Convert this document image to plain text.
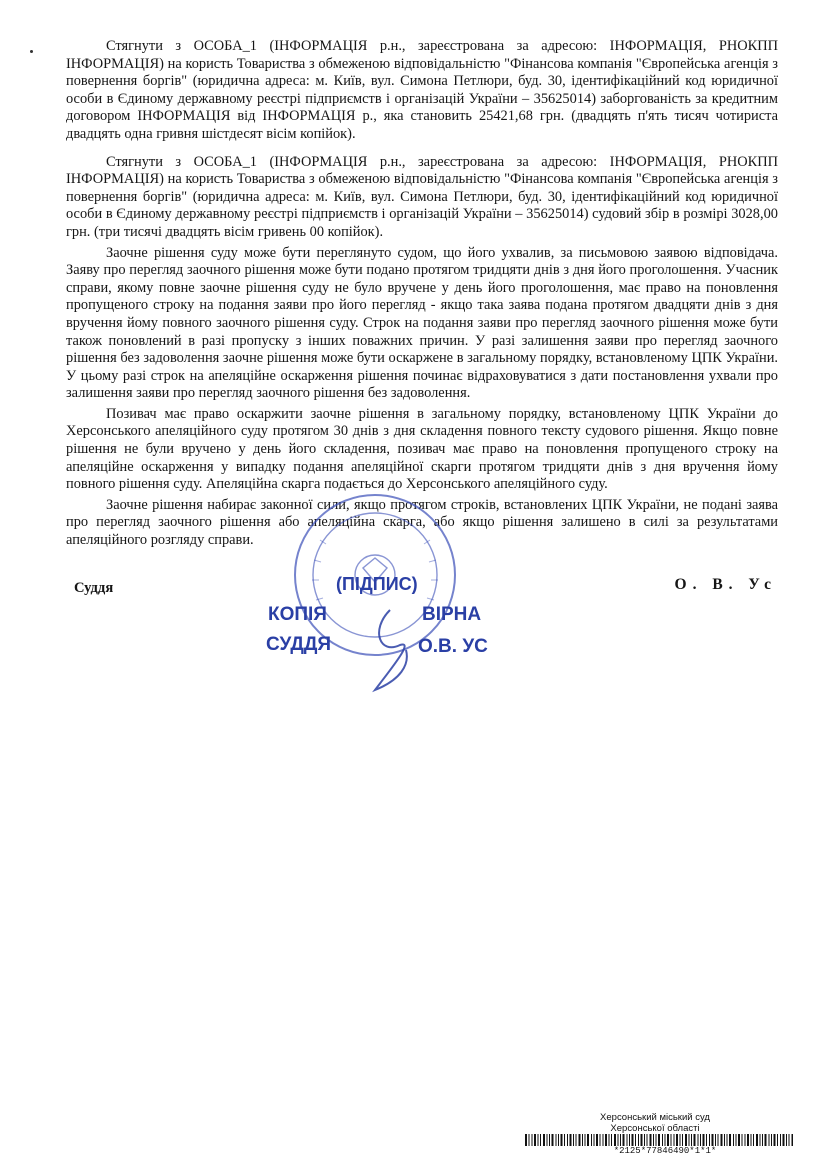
Стягнути з ОСОБА_1 (ІНФОРМАЦІЯ р.н., зареєстрована за адресою: ІНФОРМАЦІЯ, РНОКПП ІНФОРМАЦІЯ) на користь Товариства з обмеженою відповідальністю "Фінансова компанія "Європейська агенція з повернення боргів" (юридична адреса: м. Київ, вул. Симона Петлюри, буд. 30, ідентифікаційний код юридичної особи в Єдиному державному реєстрі підприємств і організацій України – 35625014) заборгованість за кредитним договором ІНФОРМАЦІЯ від ІНФОРМАЦІЯ р., яка становить 25421,68 грн. (двадцять п'ять тисяч чотириста двадцять одна гривня шістдесят вісім копійок).

Стягнути з ОСОБА_1 (ІНФОРМАЦІЯ р.н., зареєстрована за адресою: ІНФОРМАЦІЯ, РНОКПП ІНФОРМАЦІЯ) на користь Товариства з обмеженою відповідальністю "Фінансова компанія "Європейська агенція з повернення боргів" (юридична адреса: м. Київ, вул. Симона Петлюри, буд. 30, ідентифікаційний код юридичної особи в Єдиному державному реєстрі підприємств і організацій України – 35625014) судовий збір в розмірі 3028,00 грн. (три тисячі двадцять вісім гривень 00 копійок).

Заочне рішення суду може бути переглянуто судом, що його ухвалив, за письмовою заявою відповідача. Заяву про перегляд заочного рішення може бути подано протягом тридцяти днів з дня його проголошення. Учасник справи, якому повне заочне рішення суду не було вручене у день його проголошення, має право на поновлення пропущеного строку на подання заяви про його перегляд - якщо така заява подана протягом двадцяти днів з дня вручення йому повного заочного рішення суду. Строк на подання заяви про перегляд заочного рішення може бути також поновлений в разі пропуску з інших поважних причин. У разі залишення заяви про перегляд заочного рішення без задоволення заочне рішення може бути оскаржене в загальному порядку, встановленому ЦПК України. У цьому разі строк на апеляційне оскарження рішення починає відраховуватися з дати постановлення ухвали про залишення заяви про перегляд заочного рішення без задоволення.

Позивач має право оскаржити заочне рішення в загальному порядку, встановленому ЦПК України до Херсонського апеляційного суду протягом 30 днів з дня складення повного тексту судового рішення. Якщо повне рішення не були вручено у день його складення, позивач має право на поновлення пропущеного строку на апеляційне оскарження у випадку подання апеляційної скарги протягом тридцяти днів з дня вручення йому повного рішення суду. Апеляційна скарга подається до Херсонського апеляційного суду.

Заочне рішення набирає законної сили, якщо протягом строків, встановлених ЦПК України, не подані заява про перегляд заочного рішення або апеляційна скарга, або якщо рішення залишено в силі за результатами апеляційного розгляду справи.

Суддя	О. В. Ус
(ПІДПИС)
КОПІЯ	ВІРНА
СУДДЯ	О.В. УС
Херсонський міський суд
Херсонської області
*2125*77846490*1*1*
